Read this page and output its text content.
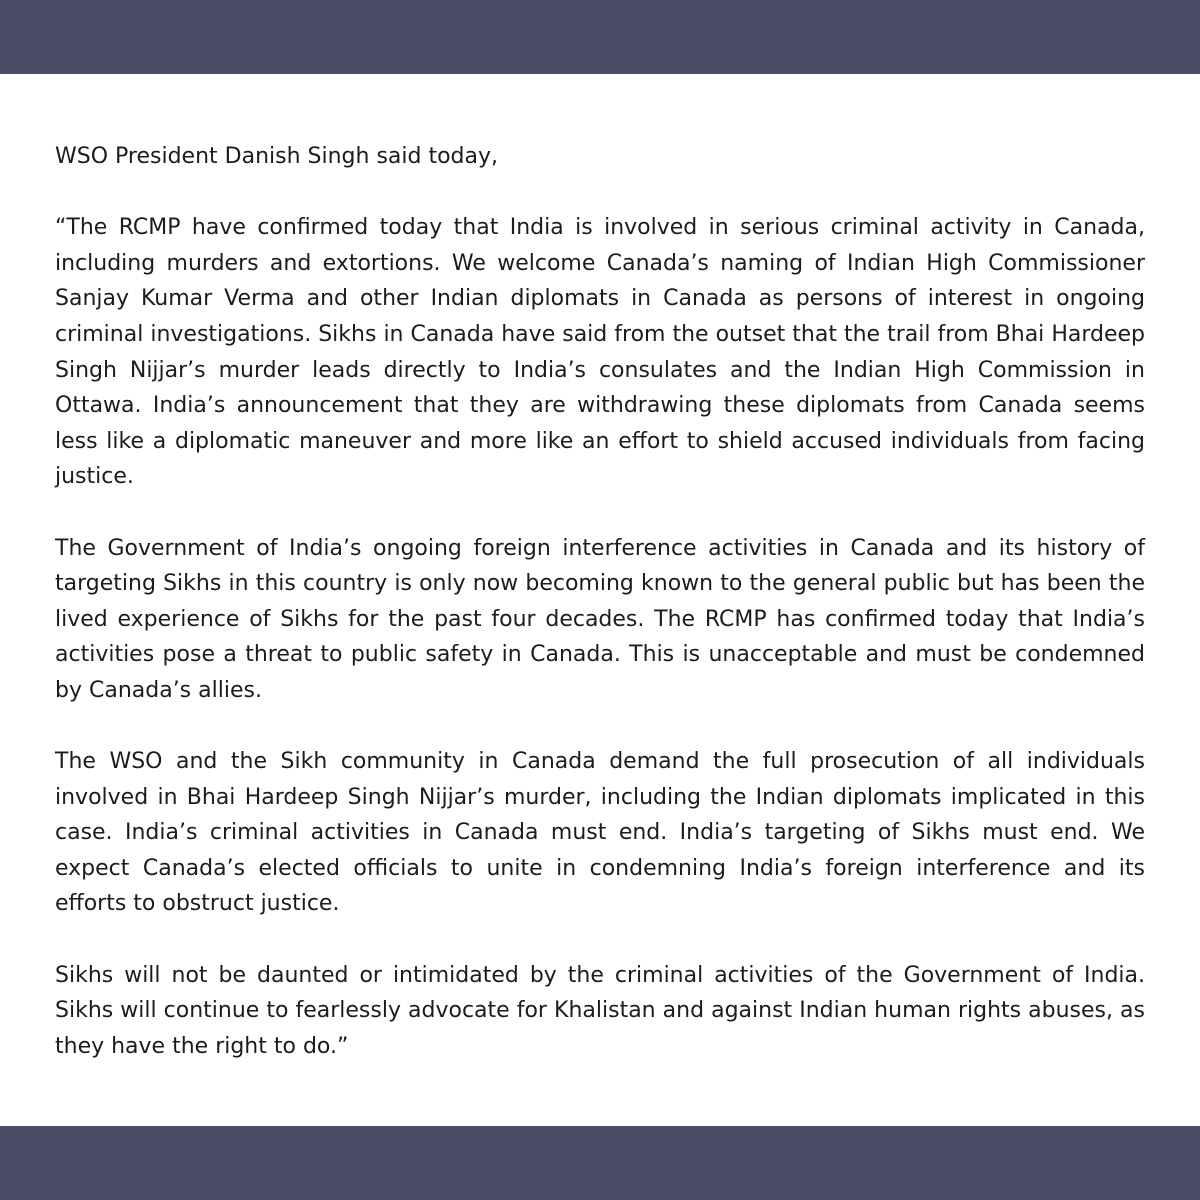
WSO President Danish Singh said today,

“The RCMP have confirmed today that India is involved in serious criminal activity in Canada, including murders and extortions. We welcome Canada’s naming of Indian High Commissioner Sanjay Kumar Verma and other Indian diplomats in Canada as persons of interest in ongoing criminal investigations. Sikhs in Canada have said from the outset that the trail from Bhai Hardeep Singh Nijjar’s murder leads directly to India’s consulates and the Indian High Commission in Ottawa. India’s announcement that they are withdrawing these diplomats from Canada seems less like a diplomatic maneuver and more like an effort to shield accused individuals from facing justice.

The Government of India’s ongoing foreign interference activities in Canada and its history of targeting Sikhs in this country is only now becoming known to the general public but has been the lived experience of Sikhs for the past four decades. The RCMP has confirmed today that India’s activities pose a threat to public safety in Canada. This is unacceptable and must be condemned by Canada’s allies.

The WSO and the Sikh community in Canada demand the full prosecution of all individuals involved in Bhai Hardeep Singh Nijjar’s murder, including the Indian diplomats implicated in this case. India’s criminal activities in Canada must end. India’s targeting of Sikhs must end. We expect Canada’s elected officials to unite in condemning India’s foreign interference and its efforts to obstruct justice.

Sikhs will not be daunted or intimidated by the criminal activities of the Government of India. Sikhs will continue to fearlessly advocate for Khalistan and against Indian human rights abuses, as they have the right to do.”
